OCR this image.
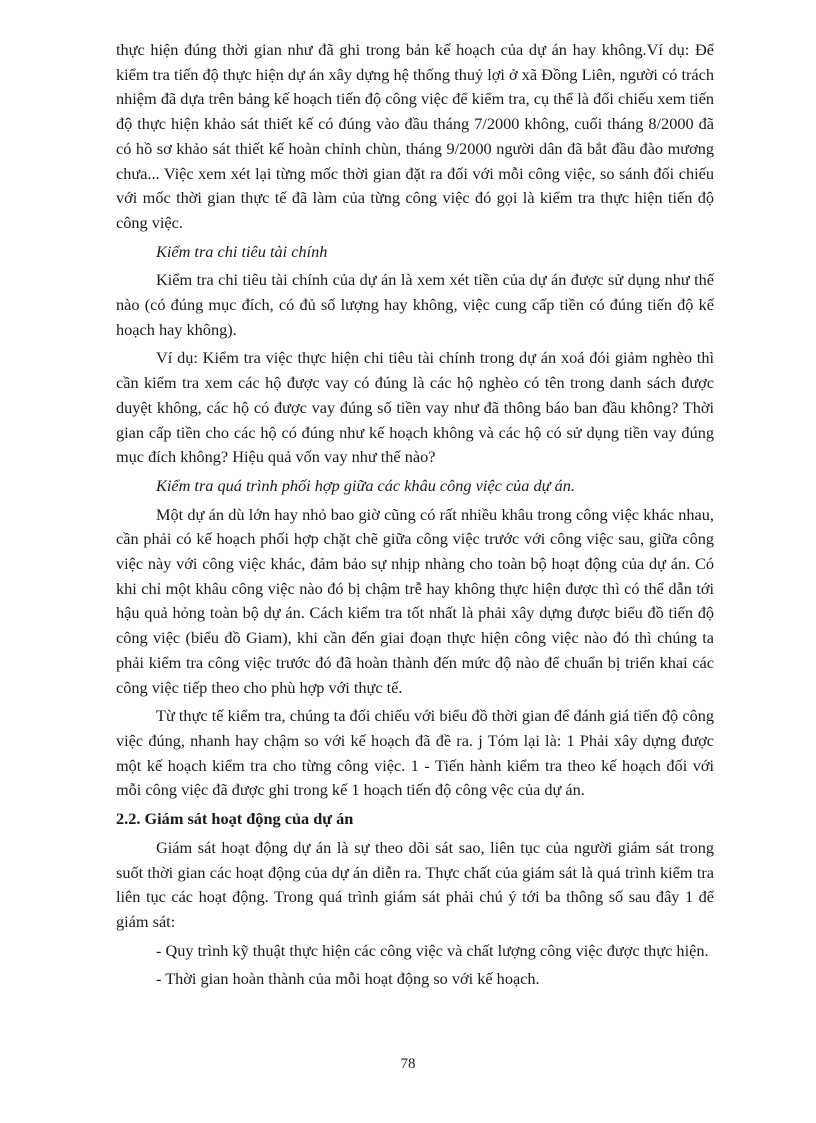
thực hiện đúng thời gian như đã ghi trong bản kế hoạch của dự án hay không.Ví dụ: Để kiểm tra tiến độ thực hiện dự án xây dựng hệ thống thuỷ lợi ở xã Đồng Liên, người có trách nhiệm đã dựa trên bảng kế hoạch tiến độ công việc để kiểm tra, cụ thể là đối chiếu xem tiến độ thực hiện khảo sát thiết kế có đúng vào đầu tháng 7/2000 không, cuối tháng 8/2000 đã có hồ sơ khảo sát thiết kế hoàn chỉnh chùn, tháng 9/2000 người dân đã bắt đầu đào mương chưa... Việc xem xét lại từng mốc thời gian đặt ra đối với mỗi công việc, so sánh đối chiếu với mốc thời gian thực tế đã làm của từng công việc đó gọi là kiểm tra thực hiện tiến độ công việc.

Kiểm tra chi tiêu tài chính

Kiểm tra chi tiêu tài chính của dự án là xem xét tiền của dự án được sử dụng như thế nào (có đúng mục đích, có đủ số lượng hay không, việc cung cấp tiền có đúng tiến độ kế hoạch hay không).

Ví dụ: Kiểm tra việc thực hiện chi tiêu tài chính trong dự án xoá đói giảm nghèo thì cần kiểm tra xem các hộ được vay có đúng là các hộ nghèo có tên trong danh sách được duyệt không, các hộ có được vay đúng số tiền vay như đã thông báo ban đầu không? Thời gian cấp tiền cho các hộ có đúng như kế hoạch không và các hộ có sử dụng tiền vay đúng mục đích không? Hiệu quả vốn vay như thế nào?

Kiểm tra quá trình phối hợp giữa các khâu công việc của dự án.

Một dự án dù lớn hay nhỏ bao giờ cũng có rất nhiều khâu trong công việc khác nhau, cần phải có kế hoạch phối hợp chặt chẽ giữa công việc trước với công việc sau, giữa công việc này với công việc khác, đảm bảo sự nhịp nhàng cho toàn bộ hoạt động của dự án. Có khi chỉ một khâu công việc nào đó bị chậm trễ hay không thực hiện được thì có thể dẫn tới hậu quả hỏng toàn bộ dự án. Cách kiểm tra tốt nhất là phải xây dựng được biểu đồ tiến độ công việc (biểu đồ Giam), khi cần đến giai đoạn thực hiện công việc nào đó thì chúng ta phải kiểm tra công việc trước đó đã hoàn thành đến mức độ nào để chuẩn bị triển khai các công việc tiếp theo cho phù hợp với thực tế.

Từ thực tế kiểm tra, chúng ta đối chiếu với biểu đồ thời gian để đánh giá tiến độ công việc đúng, nhanh hay chậm so với kế hoạch đã đề ra. j Tóm lại là: 1 Phải xây dựng được một kế hoạch kiểm tra cho từng công việc. 1 - Tiến hành kiểm tra theo kế hoạch đối với mỗi công việc đã được ghi trong kế 1 hoạch tiến độ công vệc của dự án.

2.2. Giám sát hoạt động của dự án

Giám sát hoạt động dự án là sự theo dõi sát sao, liên tục của người giám sát trong suốt thời gian các hoạt động của dự án diễn ra. Thực chất của giám sát là quá trình kiểm tra liên tục các hoạt động. Trong quá trình giám sát phải chú ý tới ba thông số sau đây 1 để giám sát:

- Quy trình kỹ thuật thực hiện các công việc và chất lượng công việc được thực hiện.

- Thời gian hoàn thành của mỗi hoạt động so với kế hoạch.

78
